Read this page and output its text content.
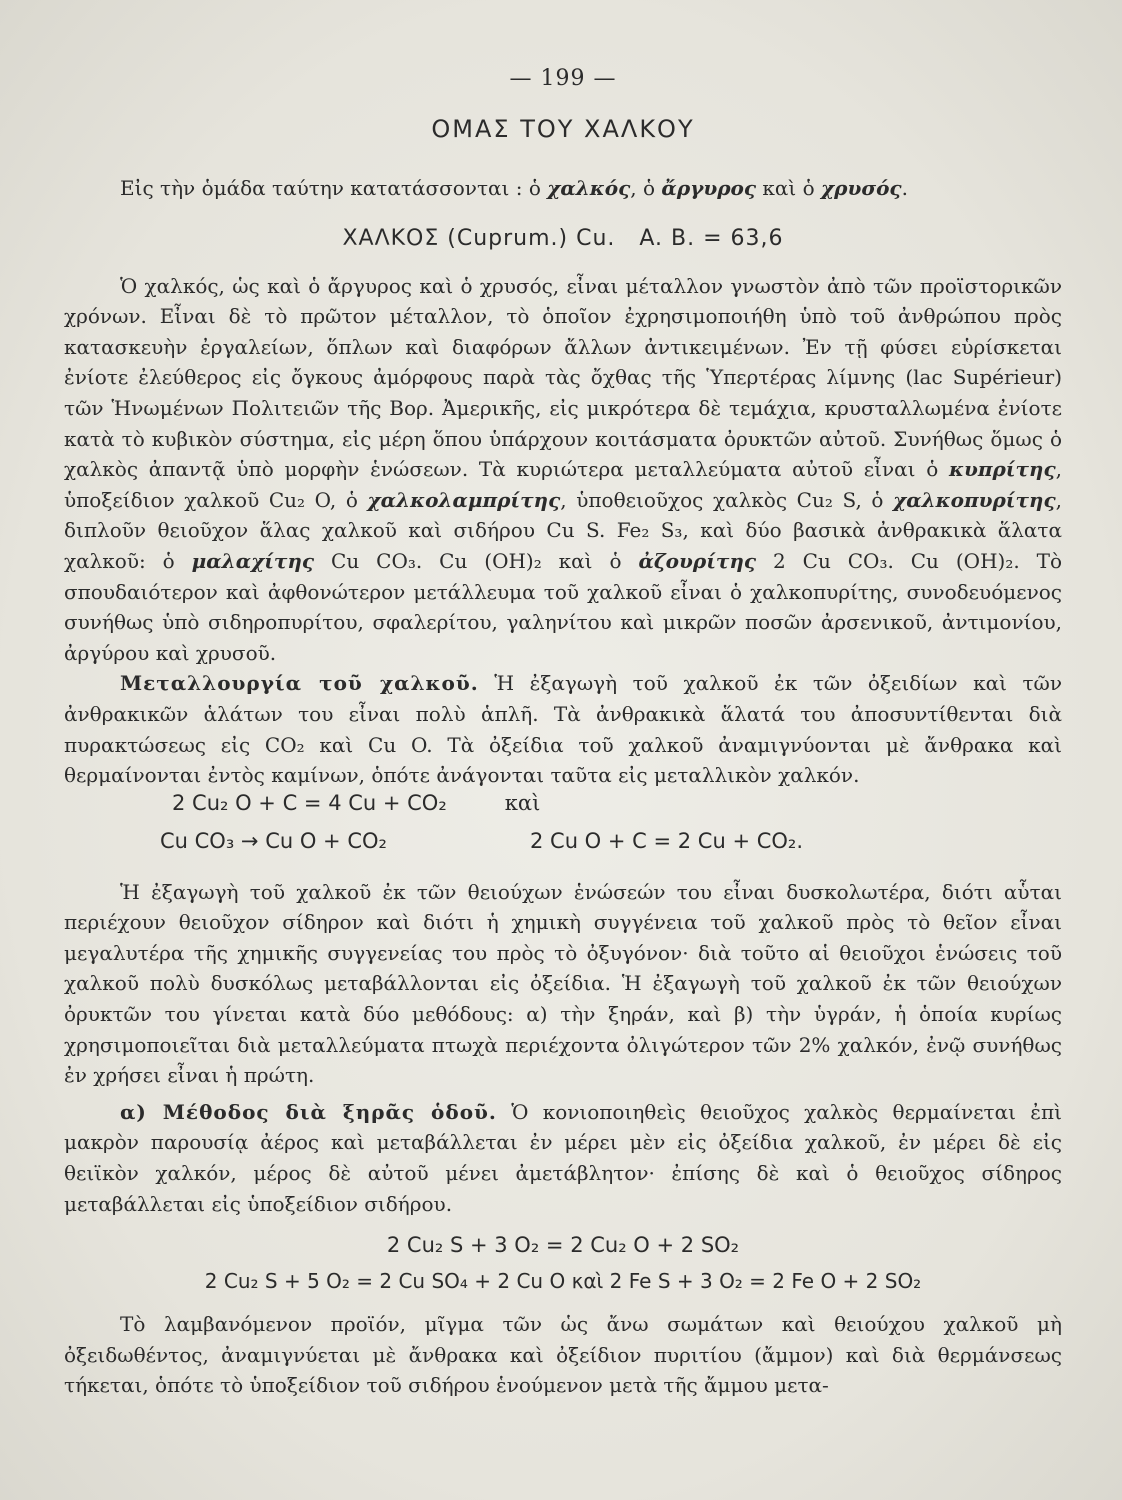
— 199 —
ΟΜΑΣ ΤΟΥ ΧΑΛΚΟΥ

Εἰς τὴν ὁμάδα ταύτην κατατάσσονται : ὁ χαλκός, ὁ ἄργυρος καὶ ὁ χρυσός.

ΧΑΛΚΟΣ (Cuprum.) Cu.   A. B. = 63,6

Ὁ χαλκός, ὡς καὶ ὁ ἄργυρος καὶ ὁ χρυσός, εἶναι μέταλλον γνωστὸν ἀπὸ τῶν προϊστορικῶν χρόνων. Εἶναι δὲ τὸ πρῶτον μέταλλον, τὸ ὁποῖον ἐχρησιμοποιήθη ὑπὸ τοῦ ἀνθρώπου πρὸς κατασκευὴν ἐργαλείων, ὅπλων καὶ διαφόρων ἄλλων ἀντικειμένων. Ἐν τῇ φύσει εὑρίσκεται ἐνίοτε ἐλεύθερος εἰς ὄγκους ἀμόρφους παρὰ τὰς ὄχθας τῆς Ὑπερτέρας λίμνης (lac Supérieur) τῶν Ἡνωμένων Πολιτειῶν τῆς Βορ. Ἀμερικῆς, εἰς μικρότερα δὲ τεμάχια, κρυσταλλωμένα ἐνίοτε κατὰ τὸ κυβικὸν σύστημα, εἰς μέρη ὅπου ὑπάρχουν κοιτάσματα ὀρυκτῶν αὐτοῦ. Συνήθως ὅμως ὁ χαλκὸς ἀπαντᾷ ὑπὸ μορφὴν ἑνώσεων. Τὰ κυριώτερα μεταλλεύματα αὐτοῦ εἶναι ὁ κυπρίτης, ὑποξείδιον χαλκοῦ Cu₂ O, ὁ χαλκολαμπρίτης, ὑποθειοῦχος χαλκὸς Cu₂ S, ὁ χαλκοπυρίτης, διπλοῦν θειοῦχον ἅλας χαλκοῦ καὶ σιδήρου Cu S. Fe₂ S₃, καὶ δύο βασικὰ ἀνθρακικὰ ἅλατα χαλκοῦ: ὁ μαλαχίτης Cu CO₃. Cu (OH)₂ καὶ ὁ ἀζουρίτης 2 Cu CO₃. Cu (OH)₂. Τὸ σπουδαιότερον καὶ ἀφθονώτερον μετάλλευμα τοῦ χαλκοῦ εἶναι ὁ χαλκοπυρίτης, συνοδευόμενος συνήθως ὑπὸ σιδηροπυρίτου, σφαλερίτου, γαληνίτου καὶ μικρῶν ποσῶν ἀρσενικοῦ, ἀντιμονίου, ἀργύρου καὶ χρυσοῦ.

Μεταλλουργία τοῦ χαλκοῦ. Ἡ ἐξαγωγὴ τοῦ χαλκοῦ ἐκ τῶν ὀξειδίων καὶ τῶν ἀνθρακικῶν ἁλάτων του εἶναι πολὺ ἁπλῆ. Τὰ ἀνθρακικὰ ἅλατά του ἀποσυντίθενται διὰ πυρακτώσεως εἰς CO₂ καὶ Cu O. Τὰ ὀξείδια τοῦ χαλκοῦ ἀναμιγνύονται μὲ ἄνθρακα καὶ θερμαίνονται ἐντὸς καμίνων, ὁπότε ἀνάγονται ταῦτα εἰς μεταλλικὸν χαλκόν.

2 Cu₂ O + C = 4 Cu + CO₂	καὶ
Cu CO₃ → Cu O + CO₂	2 Cu O + C = 2 Cu + CO₂.

Ἡ ἐξαγωγὴ τοῦ χαλκοῦ ἐκ τῶν θειούχων ἑνώσεών του εἶναι δυσκολωτέρα, διότι αὗται περιέχουν θειοῦχον σίδηρον καὶ διότι ἡ χημικὴ συγγένεια τοῦ χαλκοῦ πρὸς τὸ θεῖον εἶναι μεγαλυτέρα τῆς χημικῆς συγγενείας του πρὸς τὸ ὀξυγόνον· διὰ τοῦτο αἱ θειοῦχοι ἑνώσεις τοῦ χαλκοῦ πολὺ δυσκόλως μεταβάλλονται εἰς ὀξείδια. Ἡ ἐξαγωγὴ τοῦ χαλκοῦ ἐκ τῶν θειούχων ὀρυκτῶν του γίνεται κατὰ δύο μεθόδους: α) τὴν ξηράν, καὶ β) τὴν ὑγράν, ἡ ὁποία κυρίως χρησιμοποιεῖται διὰ μεταλλεύματα πτωχὰ περιέχοντα ὀλιγώτερον τῶν 2% χαλκόν, ἐνῷ συνήθως ἐν χρήσει εἶναι ἡ πρώτη.

α) Μέθοδος διὰ ξηρᾶς ὁδοῦ. Ὁ κονιοποιηθεὶς θειοῦχος χαλκὸς θερμαίνεται ἐπὶ μακρὸν παρουσίᾳ ἀέρος καὶ μεταβάλλεται ἐν μέρει μὲν εἰς ὀξείδια χαλκοῦ, ἐν μέρει δὲ εἰς θειϊκὸν χαλκόν, μέρος δὲ αὐτοῦ μένει ἀμετάβλητον· ἐπίσης δὲ καὶ ὁ θειοῦχος σίδηρος μεταβάλλεται εἰς ὑποξείδιον σιδήρου.

2 Cu₂ S + 3 O₂ = 2 Cu₂ O + 2 SO₂
2 Cu₂ S + 5 O₂ = 2 Cu SO₄ + 2 Cu O καὶ 2 Fe S + 3 O₂ = 2 Fe O + 2 SO₂

Τὸ λαμβανόμενον προϊόν, μῖγμα τῶν ὡς ἄνω σωμάτων καὶ θειούχου χαλκοῦ μὴ ὀξειδωθέντος, ἀναμιγνύεται μὲ ἄνθρακα καὶ ὀξείδιον πυριτίου (ἄμμον) καὶ διὰ θερμάνσεως τήκεται, ὁπότε τὸ ὑποξείδιον τοῦ σιδήρου ἑνούμενον μετὰ τῆς ἄμμου μετα-
